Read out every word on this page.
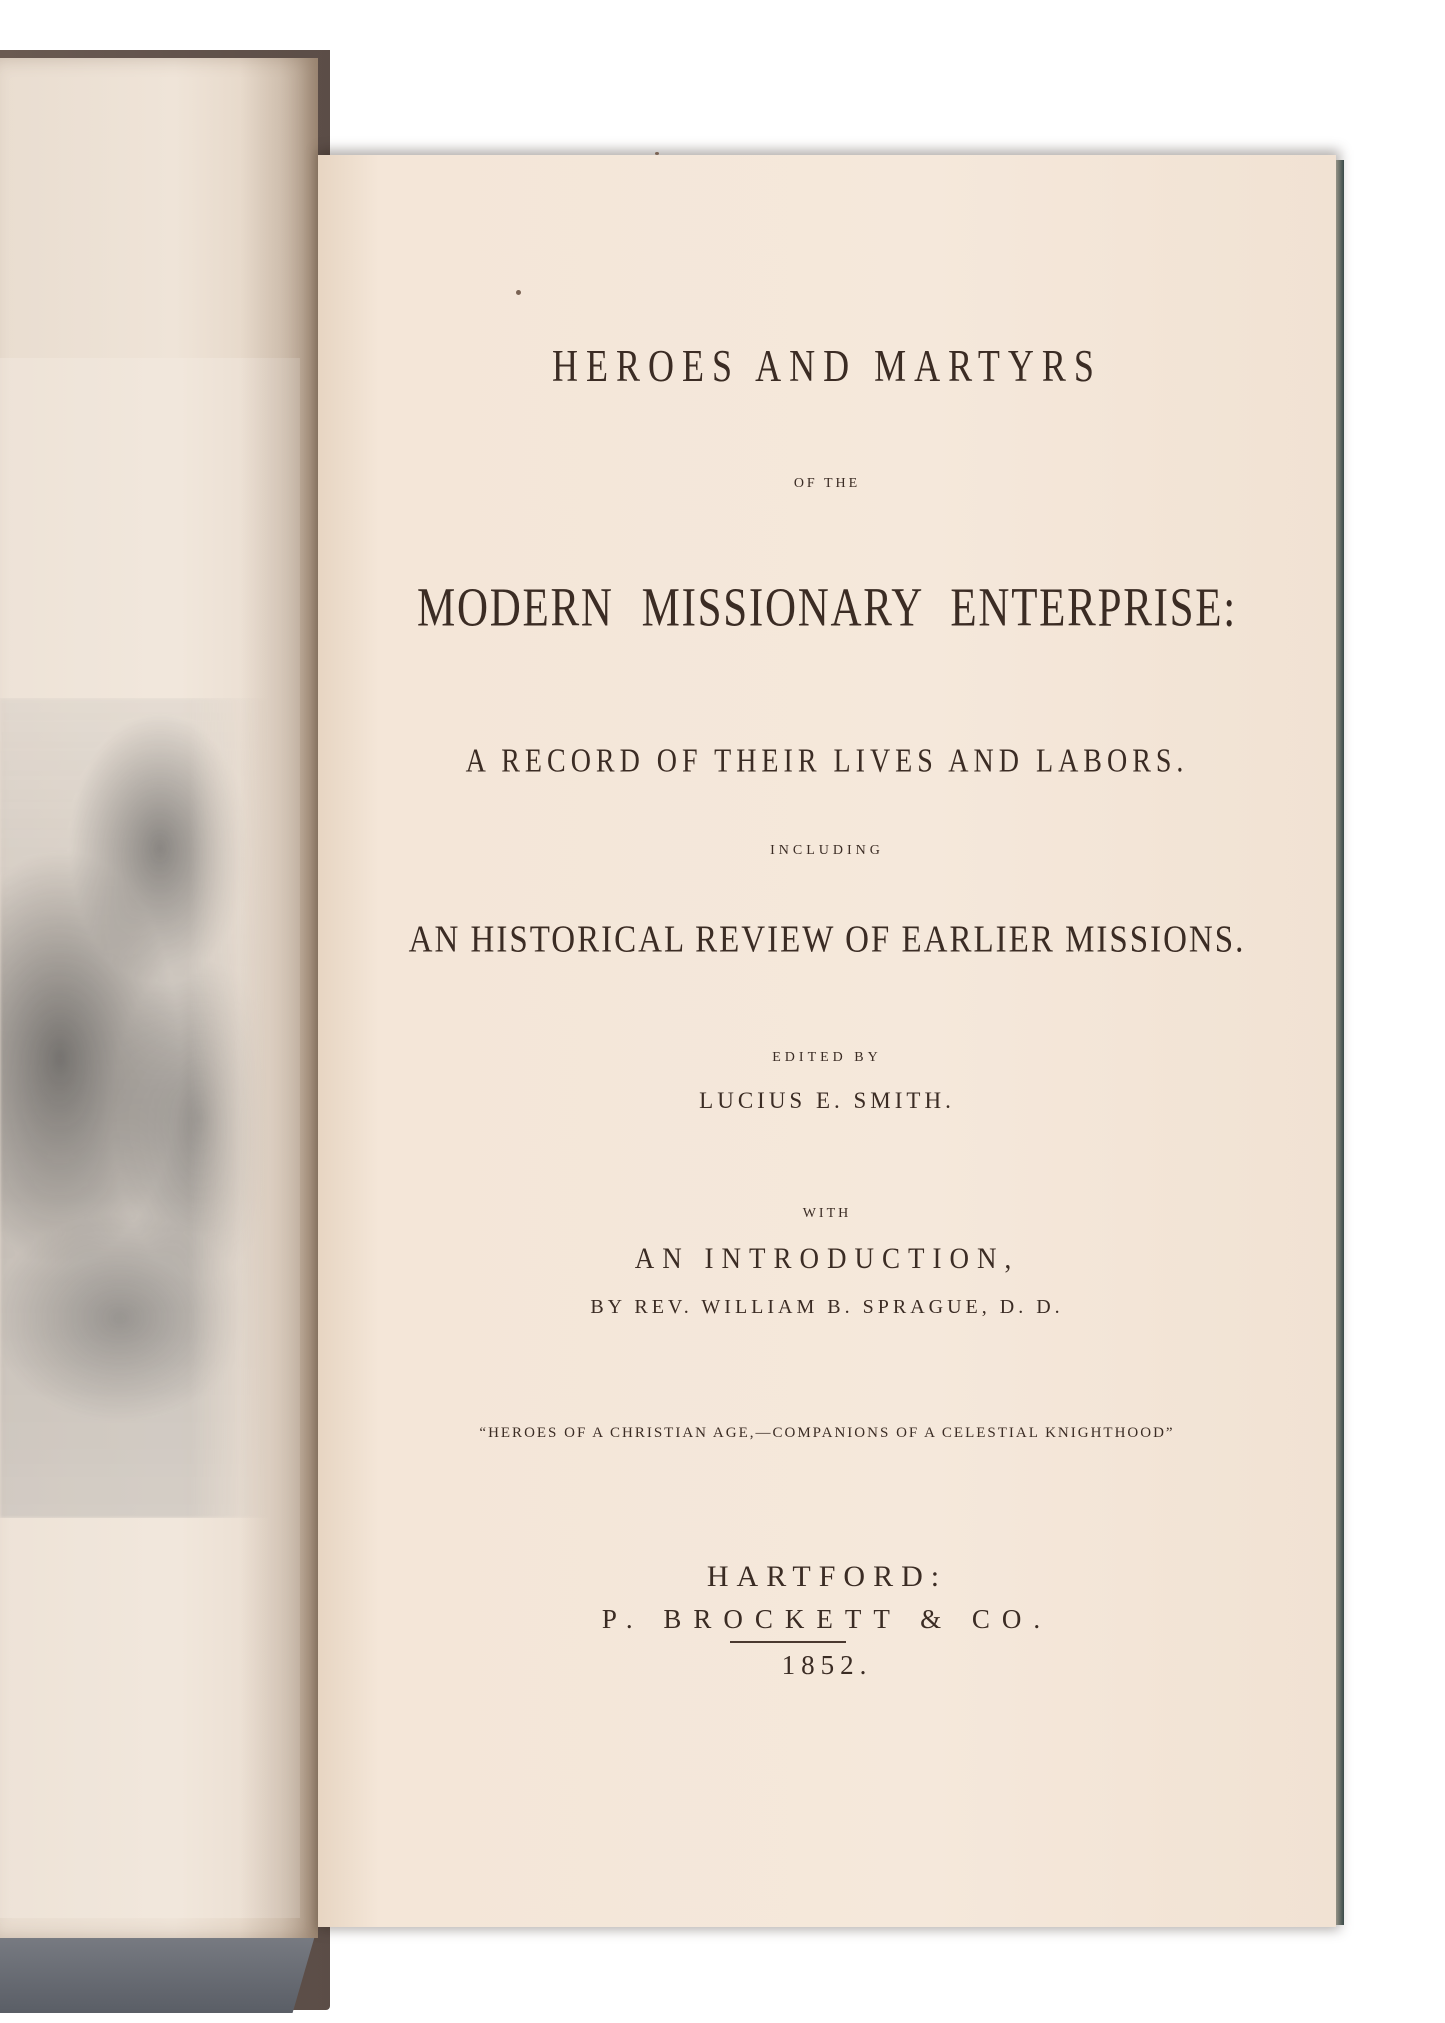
HEROES AND MARTYRS
OF THE
MODERN MISSIONARY ENTERPRISE:
A RECORD OF THEIR LIVES AND LABORS.
INCLUDING
AN HISTORICAL REVIEW OF EARLIER MISSIONS.
EDITED BY
LUCIUS E. SMITH.
WITH
AN INTRODUCTION,
BY REV. WILLIAM B. SPRAGUE, D. D.
“HEROES OF A CHRISTIAN AGE,—COMPANIONS OF A CELESTIAL KNIGHTHOOD”
HARTFORD:
P. BROCKETT & CO.
1852.
